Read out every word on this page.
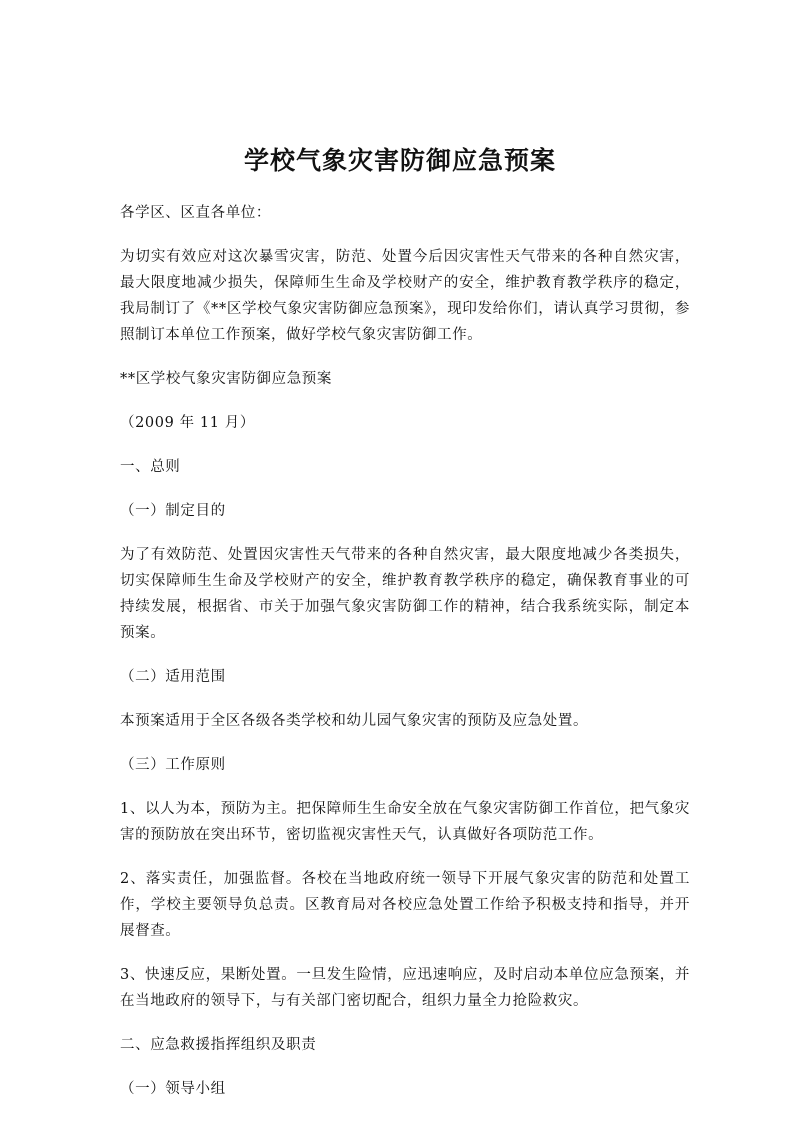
学校气象灾害防御应急预案

各学区、区直各单位：

为切实有效应对这次暴雪灾害，防范、处置今后因灾害性天气带来的各种自然灾害，最大限度地减少损失，保障师生生命及学校财产的安全，维护教育教学秩序的稳定，我局制订了《**区学校气象灾害防御应急预案》，现印发给你们，请认真学习贯彻，参照制订本单位工作预案，做好学校气象灾害防御工作。

**区学校气象灾害防御应急预案

（2009 年 11 月）

一、总则

（一）制定目的

为了有效防范、处置因灾害性天气带来的各种自然灾害，最大限度地减少各类损失，切实保障师生生命及学校财产的安全，维护教育教学秩序的稳定，确保教育事业的可持续发展，根据省、市关于加强气象灾害防御工作的精神，结合我系统实际，制定本预案。

（二）适用范围

本预案适用于全区各级各类学校和幼儿园气象灾害的预防及应急处置。

（三）工作原则

1、以人为本，预防为主。把保障师生生命安全放在气象灾害防御工作首位，把气象灾害的预防放在突出环节，密切监视灾害性天气，认真做好各项防范工作。

2、落实责任，加强监督。各校在当地政府统一领导下开展气象灾害的防范和处置工作，学校主要领导负总责。区教育局对各校应急处置工作给予积极支持和指导，并开展督查。

3、快速反应，果断处置。一旦发生险情，应迅速响应，及时启动本单位应急预案，并在当地政府的领导下，与有关部门密切配合，组织力量全力抢险救灾。

二、应急救援指挥组织及职责

（一）领导小组
